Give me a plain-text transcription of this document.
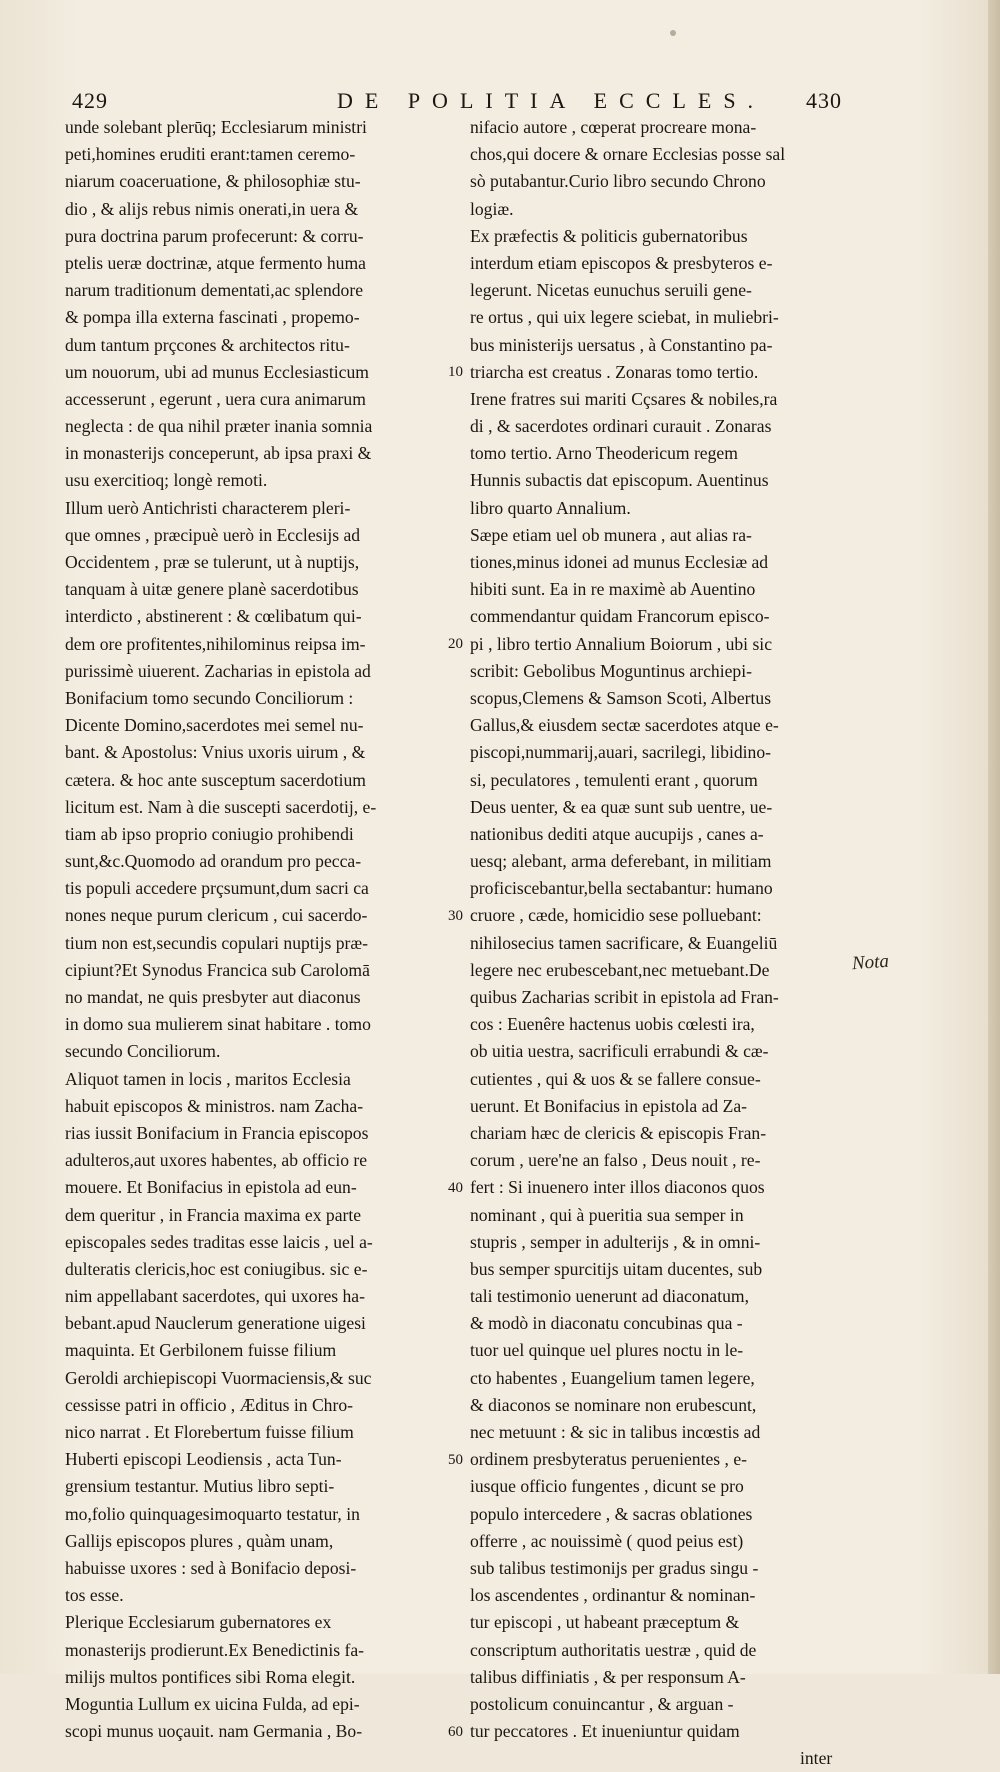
429	DE POLITIA ECCLES. 430
unde solebant plerūq; Ecclesiarum ministri
peti,homines eruditi erant:tamen ceremo-
niarum coaceruatione, & philosophiæ stu-
dio , & alijs rebus nimis onerati,in uera &
pura doctrina parum profecerunt: & corru-
ptelis ueræ doctrinæ, atque fermento huma
narum traditionum dementati,ac splendore
& pompa illa externa fascinati , propemo-
dum tantum prçcones & architectos ritu-
um nouorum, ubi ad munus Ecclesiasticum
accesserunt , egerunt , uera cura animarum
neglecta : de qua nihil præter inania somnia
in monasterijs conceperunt, ab ipsa praxi &
usu exercitioq; longè remoti.
Illum uerò Antichristi characterem pleri-
que omnes , præcipuè uerò in Ecclesijs ad
Occidentem , præ se tulerunt, ut à nuptijs,
tanquam à uitæ genere planè sacerdotibus
interdicto , abstinerent : & cœlibatum qui-
dem ore profitentes,nihilominus reipsa im-
purissimè uiuerent. Zacharias in epistola ad
Bonifacium tomo secundo Conciliorum :
Dicente Domino,sacerdotes mei semel nu-
bant. & Apostolus: Vnius uxoris uirum , &
cætera. & hoc ante susceptum sacerdotium
licitum est. Nam à die suscepti sacerdotij, e-
tiam ab ipso proprio coniugio prohibendi
sunt,&c.Quomodo ad orandum pro pecca-
tis populi accedere prçsumunt,dum sacri ca
nones neque purum clericum , cui sacerdo-
tium non est,secundis copulari nuptijs præ-
cipiunt?Et Synodus Francica sub Carolomā
no mandat, ne quis presbyter aut diaconus
in domo sua mulierem sinat habitare . tomo
secundo Conciliorum.
Aliquot tamen in locis , maritos Ecclesia
habuit episcopos & ministros. nam Zacha-
rias iussit Bonifacium in Francia episcopos
adulteros,aut uxores habentes, ab officio re
mouere. Et Bonifacius in epistola ad eun-
dem queritur , in Francia maxima ex parte
episcopales sedes traditas esse laicis , uel a-
dulteratis clericis,hoc est coniugibus. sic e-
nim appellabant sacerdotes, qui uxores ha-
bebant.apud Nauclerum generatione uigesi
maquinta. Et Gerbilonem fuisse filium
Geroldi archiepiscopi Vuormaciensis,& suc
cessisse patri in officio , Æditus in Chro-
nico narrat . Et Florebertum fuisse filium
Huberti episcopi Leodiensis , acta Tun-
grensium testantur. Mutius libro septi-
mo,folio quinquagesimoquarto testatur, in
Gallijs episcopos plures , quàm unam,
habuisse uxores : sed à Bonifacio deposi-
tos esse.
Plerique Ecclesiarum gubernatores ex
monasterijs prodierunt.Ex Benedictinis fa-
milijs multos pontifices sibi Roma elegit.
Moguntia Lullum ex uicina Fulda, ad epi-
scopi munus uoçauit. nam Germania , Bo-
10
20
30
40
50
60
nifacio autore , cœperat procreare mona-
chos,qui docere & ornare Ecclesias posse sal
sò putabantur.Curio libro secundo Chrono
logiæ.
Ex præfectis & politicis gubernatoribus
interdum etiam episcopos & presbyteros e-
legerunt. Nicetas eunuchus seruili gene-
re ortus , qui uix legere sciebat, in muliebri-
bus ministerijs uersatus , à Constantino pa-
triarcha est creatus . Zonaras tomo tertio.
Irene fratres sui mariti Cçsares & nobiles,ra
di , & sacerdotes ordinari curauit . Zonaras
tomo tertio. Arno Theodericum regem
Hunnis subactis dat episcopum. Auentinus
libro quarto Annalium.
Sæpe etiam uel ob munera , aut alias ra-
tiones,minus idonei ad munus Ecclesiæ ad
hibiti sunt. Ea in re maximè ab Auentino
commendantur quidam Francorum episco-
pi , libro tertio Annalium Boiorum , ubi sic
scribit: Gebolibus Moguntinus archiepi-
scopus,Clemens & Samson Scoti, Albertus
Gallus,& eiusdem sectæ sacerdotes atque e-
piscopi,nummarij,auari, sacrilegi, libidino-
si, peculatores , temulenti erant , quorum
Deus uenter, & ea quæ sunt sub uentre, ue-
nationibus dediti atque aucupijs , canes a-
uesq; alebant, arma deferebant, in militiam
proficiscebantur,bella sectabantur: humano
cruore , cæde, homicidio sese polluebant:
nihilosecius tamen sacrificare, & Euangeliū
legere nec erubescebant,nec metuebant.De
quibus Zacharias scribit in epistola ad Fran-
cos : Euenêre hactenus uobis cœlesti ira,
ob uitia uestra, sacrificuli errabundi & cæ-
cutientes , qui & uos & se fallere consue-
uerunt. Et Bonifacius in epistola ad Za-
chariam hæc de clericis & episcopis Fran-
corum , uere'ne an falso , Deus nouit , re-
fert : Si inuenero inter illos diaconos quos
nominant , qui à pueritia sua semper in
stupris , semper in adulterijs , & in omni-
bus semper spurcitijs uitam ducentes, sub
tali testimonio uenerunt ad diaconatum,
& modò in diaconatu concubinas qua -
tuor uel quinque uel plures noctu in le-
cto habentes , Euangelium tamen legere,
& diaconos se nominare non erubescunt,
nec metuunt : & sic in talibus incœstis ad
ordinem presbyteratus peruenientes , e-
iusque officio fungentes , dicunt se pro
populo intercedere , & sacras oblationes
offerre , ac nouissimè ( quod peius est)
sub talibus testimonijs per gradus singu -
los ascendentes , ordinantur & nominan-
tur episcopi , ut habeant præceptum &
conscriptum authoritatis uestræ , quid de
talibus diffiniatis , & per responsum A-
postolicum conuincantur , & arguan -
tur peccatores . Et inueniuntur quidam
inter
Nota
